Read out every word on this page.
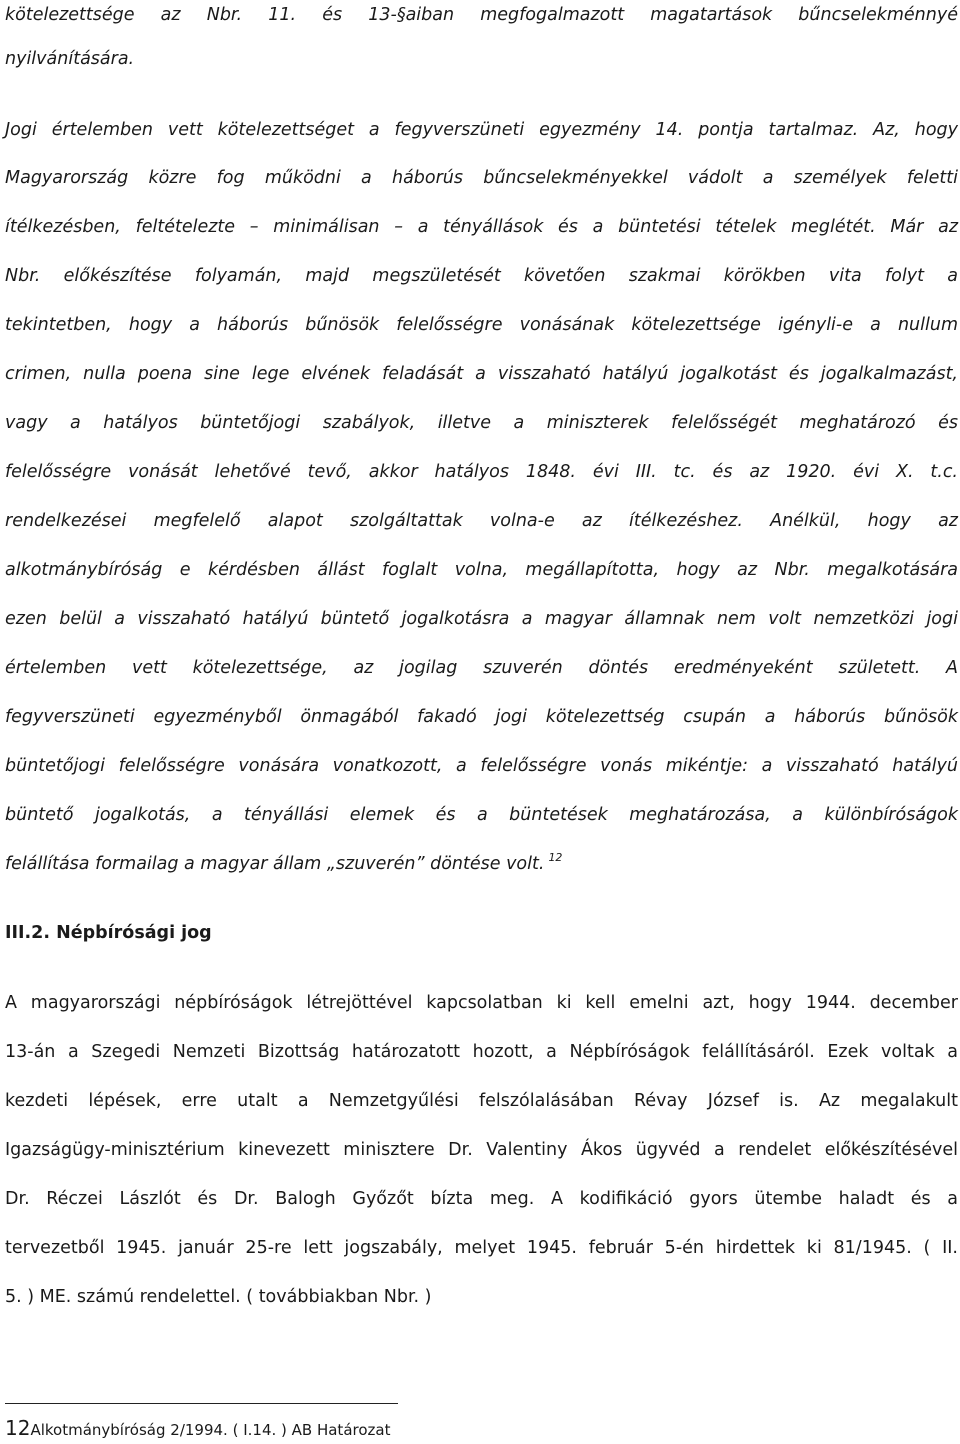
III.2. Népbírósági jog
12Alkotmánybíróság 2/1994. ( I.14. ) AB Határozat
kötelezettsége az Nbr. 11. és 13-§aiban megfogalmazott magatartások bűncselekménnyé
nyilvánítására.
Jogi értelemben vett kötelezettséget a fegyverszüneti egyezmény 14. pontja tartalmaz. Az, hogy
Magyarország közre fog működni a háborús bűncselekményekkel vádolt a személyek feletti
ítélkezésben, feltételezte – minimálisan – a tényállások és a büntetési tételek meglétét. Már az
Nbr. előkészítése folyamán, majd megszületését követően szakmai körökben vita folyt a
tekintetben, hogy a háborús bűnösök felelősségre vonásának kötelezettsége igényli-e a nullum
crimen, nulla poena sine lege elvének feladását a visszaható hatályú jogalkotást és jogalkalmazást,
vagy a hatályos büntetőjogi szabályok, illetve a miniszterek felelősségét meghatározó és
felelősségre vonását lehetővé tevő, akkor hatályos 1848. évi III. tc. és az 1920. évi X. t.c.
rendelkezései megfelelő alapot szolgáltattak volna-e az ítélkezéshez. Anélkül, hogy az
alkotmánybíróság e kérdésben állást foglalt volna, megállapította, hogy az Nbr. megalkotására
ezen belül a visszaható hatályú büntető jogalkotásra a magyar államnak nem volt nemzetközi jogi
értelemben vett kötelezettsége, az jogilag szuverén döntés eredményeként született. A
fegyverszüneti egyezményből önmagából fakadó jogi kötelezettség csupán a háborús bűnösök
büntetőjogi felelősségre vonására vonatkozott, a felelősségre vonás mikéntje: a visszaható hatályú
büntető jogalkotás, a tényállási elemek és a büntetések meghatározása, a különbíróságok
felállítása formailag a magyar állam „szuverén” döntése volt. $^{12}$
A magyarországi népbíróságok létrejöttével kapcsolatban ki kell emelni azt, hogy 1944. december
13-án a Szegedi Nemzeti Bizottság határozatott hozott, a Népbíróságok felállításáról. Ezek voltak a
kezdeti lépések, erre utalt a Nemzetgyűlési felszólalásában Révay József is. Az megalakult
Igazságügy-minisztérium kinevezett minisztere Dr. Valentiny Ákos ügyvéd a rendelet előkészítésével
Dr. Réczei Lászlót és Dr. Balogh Győzőt bízta meg. A kodifikáció gyors ütembe haladt és a
tervezetből 1945. január 25-re lett jogszabály, melyet 1945. február 5-én hirdettek ki 81/1945. ( II.
5. ) ME. számú rendelettel. ( továbbiakban Nbr. )
